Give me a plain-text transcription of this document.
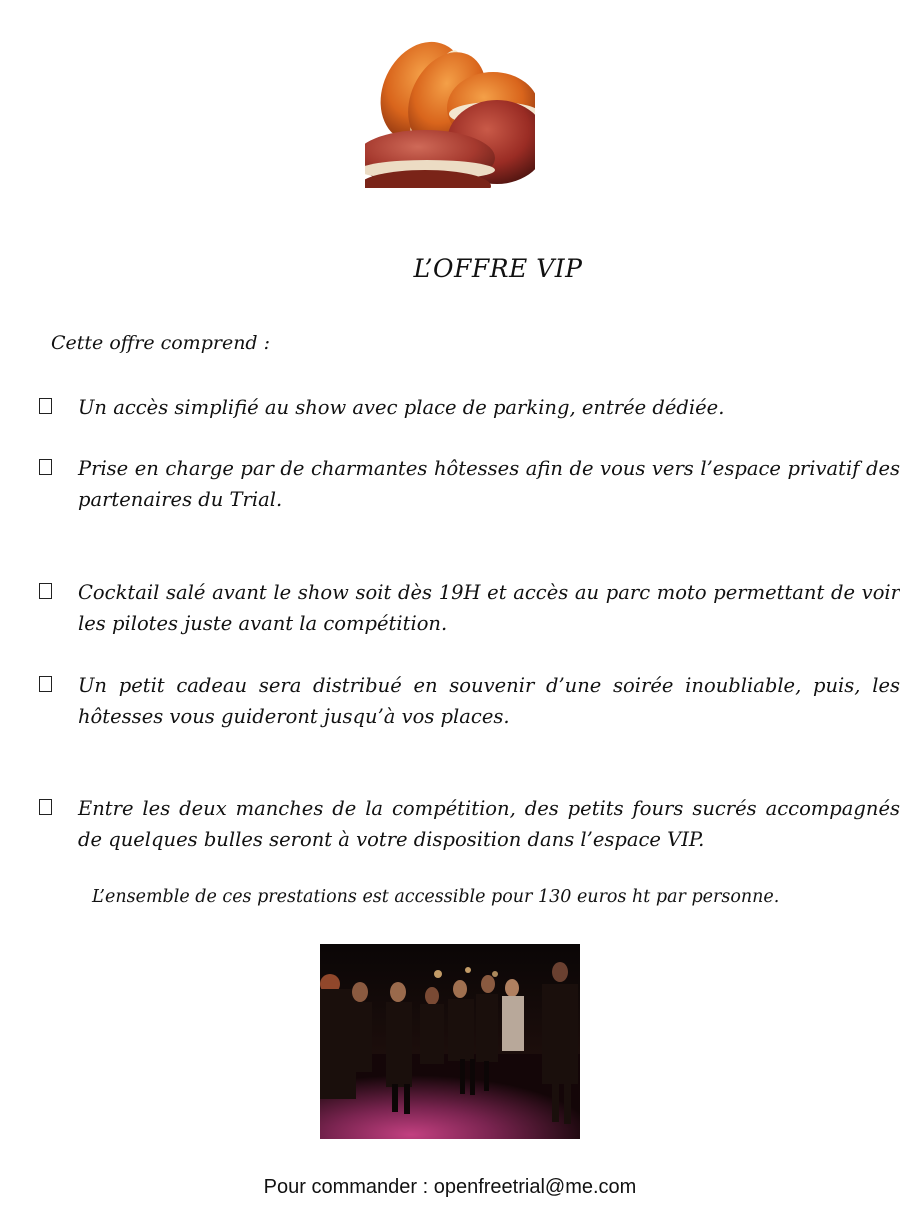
L’OFFRE VIP
Cette offre comprend :
Un accès simplifié au show avec place de parking, entrée dédiée.
Prise en charge par de charmantes hôtesses afin de vous vers l’espace privatif des partenaires du Trial.
Cocktail salé avant le show soit dès 19H et accès au parc moto permettant de voir les pilotes juste avant la compétition.
Un petit cadeau sera distribué en souvenir d’une soirée inoubliable, puis, les hôtesses vous guideront jusqu’à vos places.
Entre les deux manches de la compétition, des petits fours sucrés accompagnés de quelques bulles seront à votre disposition dans l’espace VIP.
L’ensemble de ces prestations est accessible pour 130 euros ht par personne.
Pour commander : openfreetrial@me.com
